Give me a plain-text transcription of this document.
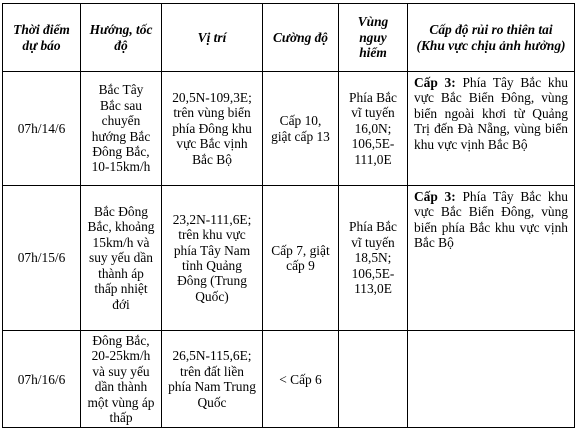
Thời điểm dự báo	Hướng, tốc độ	Vị trí	Cường độ	Vùng nguy hiểm	Cấp độ rủi ro thiên tai (Khu vực chịu ảnh hưởng)
07h/14/6	Bắc Tây Bắc sau chuyển hướng Bắc Đông Bắc, 10-15km/h	20,5N-109,3E; trên vùng biển phía Đông khu vực Bắc vịnh Bắc Bộ	Cấp 10, giật cấp 13	Phía Bắc vĩ tuyến 16,0N; 106,5E-111,0E	Cấp 3: Phía Tây Bắc khu vực Bắc Biển Đông, vùng biển ngoài khơi từ Quảng Trị đến Đà Nẵng, vùng biển khu vực vịnh Bắc Bộ
07h/15/6	Bắc Đông Bắc, khoảng 15km/h và suy yếu dần thành áp thấp nhiệt đới	23,2N-111,6E; trên khu vực phía Tây Nam tỉnh Quảng Đông (Trung Quốc)	Cấp 7, giật cấp 9	Phía Bắc vĩ tuyến 18,5N; 106,5E-113,0E	Cấp 3: Phía Tây Bắc khu vực Bắc Biển Đông, vùng biển phía Bắc khu vực vịnh Bắc Bộ
07h/16/6	Đông Bắc, 20-25km/h và suy yếu dần thành một vùng áp thấp	26,5N-115,6E; trên đất liền phía Nam Trung Quốc	< Cấp 6		
